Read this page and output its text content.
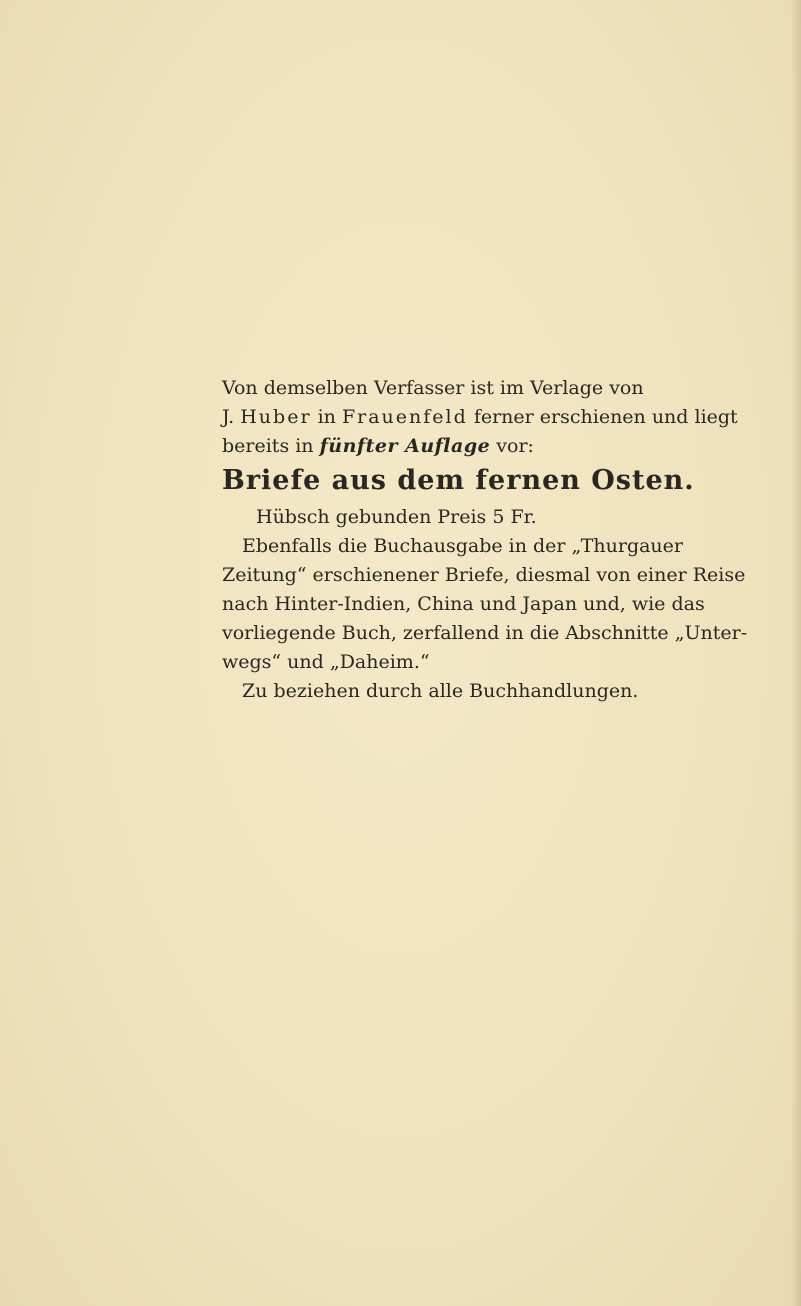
Von demselben Verfasser ist im Verlage von
J. Huber in Frauenfeld ferner erschienen und liegt
bereits in fünfter Auflage vor:
Briefe aus dem fernen Osten.
Hübsch gebunden Preis 5 Fr.
Ebenfalls die Buchausgabe in der „Thurgauer
Zeitung“ erschienener Briefe, diesmal von einer Reise
nach Hinter-Indien, China und Japan und, wie das
vorliegende Buch, zerfallend in die Abschnitte „Unter-
wegs“ und „Daheim.“
Zu beziehen durch alle Buchhandlungen.
